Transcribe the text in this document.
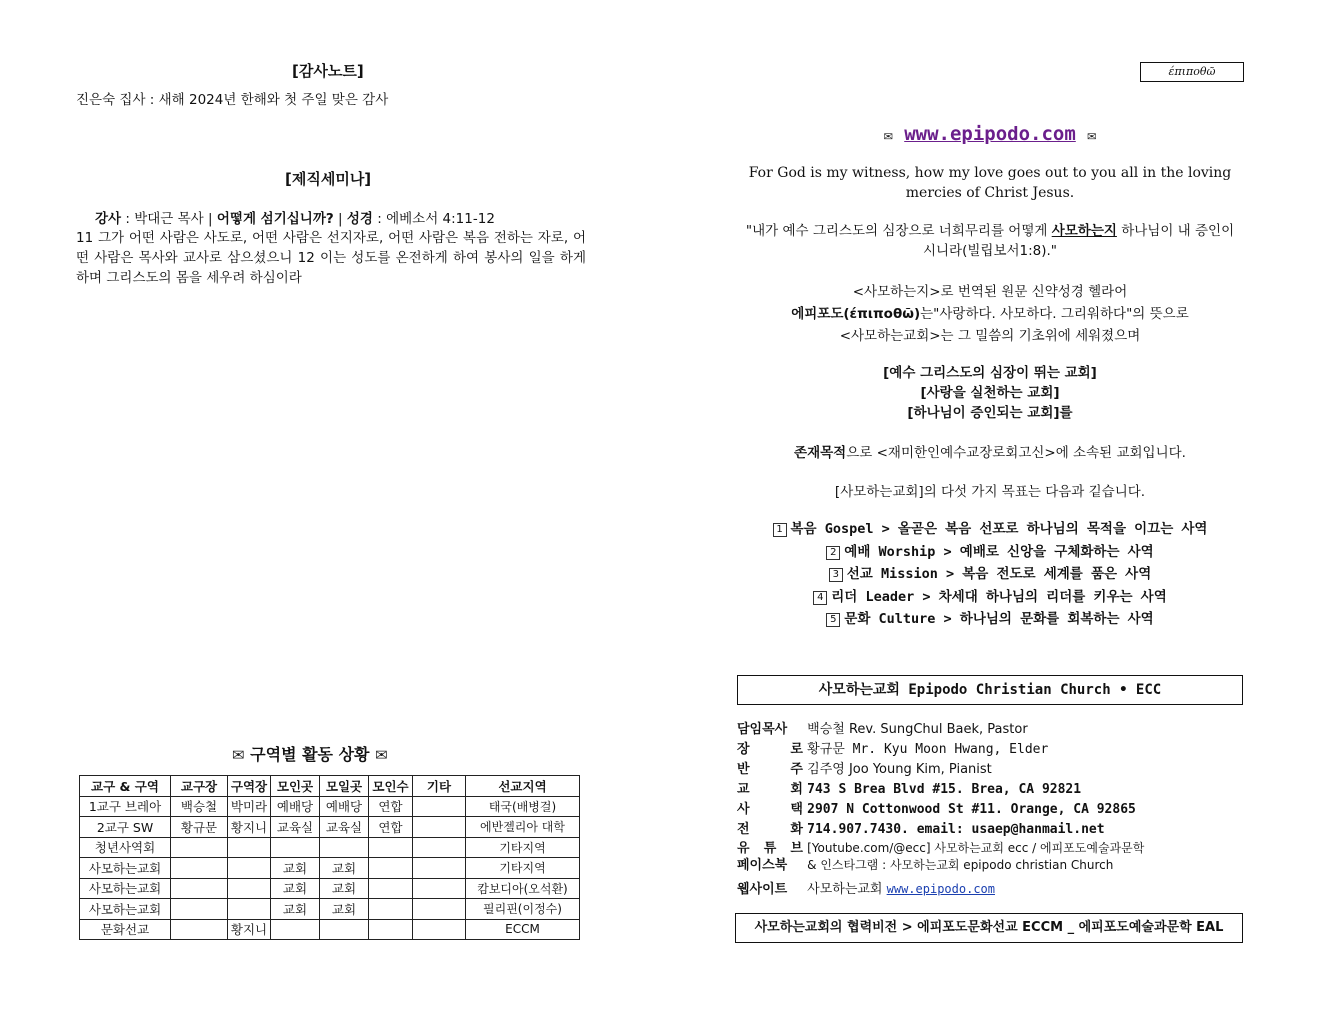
[감사노트]
진은숙 집사 : 새해 2024년 한해와 첫 주일 맞은 감사
[제직세미나]
강사 : 박대근 목사 | 어떻게 섬기십니까? | 성경 : 에베소서 4:11-12
11 그가 어떤 사람은 사도로, 어떤 사람은 선지자로, 어떤 사람은 복음 전하는 자로, 어떤 사람은 목사와 교사로 삼으셨으니 12 이는 성도를 온전하게 하여 봉사의 일을 하게하며 그리스도의 몸을 세우려 하심이라
✉ 구역별 활동 상황 ✉
교구 & 구역	교구장	구역장	모인곳	모일곳	모인수	기타	선교지역
1교구 브레아	백승철	박미라	예배당	예배당	연합		태국(배병걸)
2교구 SW	황규문	황지니	교육실	교육실	연합		에반젤리아 대학
청년사역회							기타지역
사모하는교회			교회	교회			기타지역
사모하는교회			교회	교회			캄보디아(오석환)
사모하는교회			교회	교회			필리핀(이정수)
문화선교		황지니					ECCM
έπιποθῶ
✉ www.epipodo.com ✉
For God is my witness, how my love goes out to you all in the loving mercies of Christ Jesus.
"내가 예수 그리스도의 심장으로 너희무리를 어떻게 사모하는지 하나님이 내 증인이시니라(빌립보서1:8)."
<사모하는지>로 번역된 원문 신약성경 헬라어
에피포도(έπιποθῶ)는"사랑하다. 사모하다. 그리워하다"의 뜻으로
<사모하는교회>는 그 밀씀의 기초위에 세워졌으며
[예수 그리스도의 심장이 뛰는 교회]
[사랑을 실천하는 교회]
[하나님이 증인되는 교회]를
존재목적으로 <재미한인예수교장로회고신>에 소속된 교회입니다.
[사모하는교회]의 다섯 가지 목표는 다음과 깉습니다.
1 복음 Gospel > 올곧은 복음 선포로 하나님의 목적을 이끄는 사역
2 예배 Worship > 예배로 신앙을 구체화하는 사역
3 선교 Mission > 복음 전도로 세계를 품은 사역
4 리더 Leader > 차세대 하나님의 리더를 키우는 사역
5 문화 Culture > 하나님의 문화를 회복하는 사역
사모하는교회 Epipodo Christian Church • ECC
담임목사 백승철 Rev. SungChul Baek, Pastor
장 로 황규문 Mr. Kyu Moon Hwang, Elder
반 주 김주영 Joo Young Kim, Pianist
교 회 743 S Brea Blvd #15. Brea, CA 92821
사 택 2907 N Cottonwood St #11. Orange, CA 92865
전 화 714.907.7430. email: usaep@hanmail.net
유 튜 브 [Youtube.com/@ecc] 사모하는교회 ecc / 에피포도예술과문학
페이스북 & 인스타그램 : 사모하는교회 epipodo christian Church
웹사이트 사모하는교회 www.epipodo.com
사모하는교회의 협력비전 > 에피포도문화선교 ECCM _ 에피포도예술과문학 EAL
